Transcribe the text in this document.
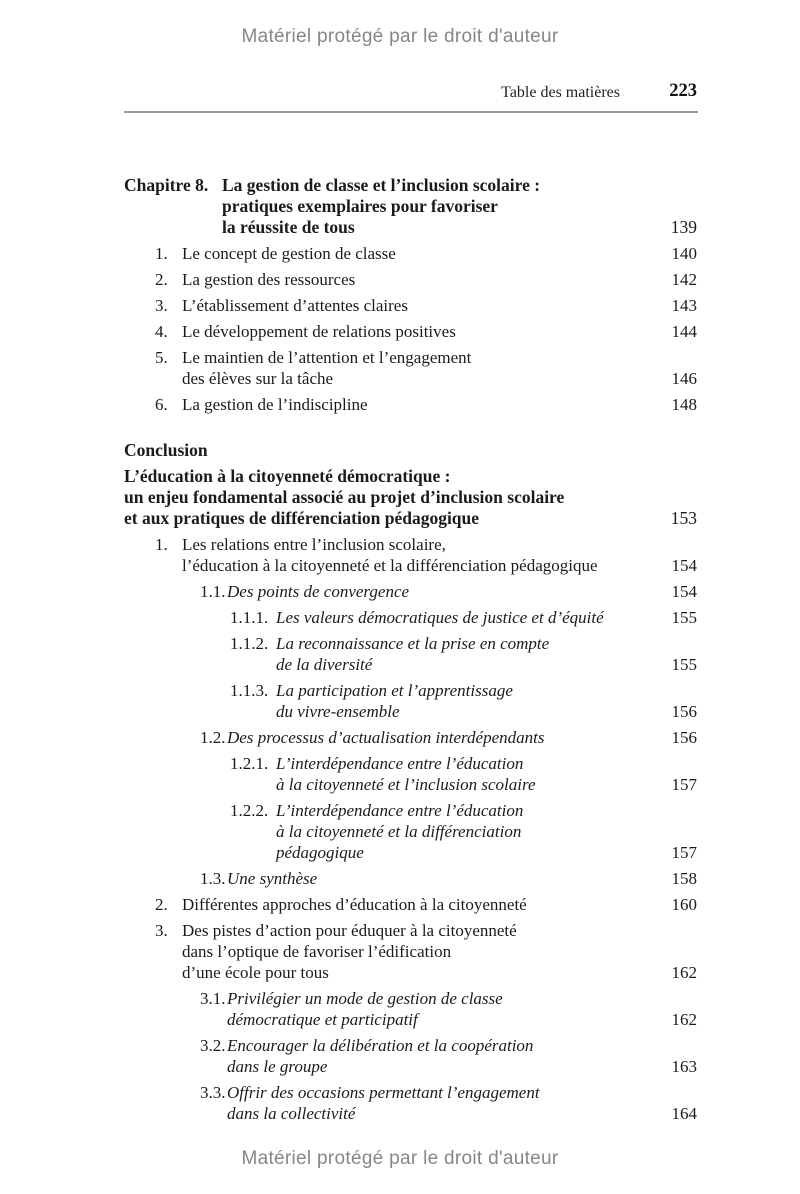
Matériel protégé par le droit d'auteur
Table des matières	223
Chapitre 8. La gestion de classe et l’inclusion scolaire :
pratiques exemplaires pour favoriser
la réussite de tous	139
1. Le concept de gestion de classe	140
2. La gestion des ressources	142
3. L’établissement d’attentes claires	143
4. Le développement de relations positives	144
5. Le maintien de l’attention et l’engagement
des élèves sur la tâche	146
6. La gestion de l’indiscipline	148
Conclusion
L’éducation à la citoyenneté démocratique :
un enjeu fondamental associé au projet d’inclusion scolaire
et aux pratiques de différenciation pédagogique	153
1. Les relations entre l’inclusion scolaire,
l’éducation à la citoyenneté et la différenciation pédagogique	154
1.1. Des points de convergence	154
1.1.1. Les valeurs démocratiques de justice et d’équité	155
1.1.2. La reconnaissance et la prise en compte
de la diversité	155
1.1.3. La participation et l’apprentissage
du vivre-ensemble	156
1.2. Des processus d’actualisation interdépendants	156
1.2.1. L’interdépendance entre l’éducation
à la citoyenneté et l’inclusion scolaire	157
1.2.2. L’interdépendance entre l’éducation
à la citoyenneté et la différenciation
pédagogique	157
1.3. Une synthèse	158
2. Différentes approches d’éducation à la citoyenneté	160
3. Des pistes d’action pour éduquer à la citoyenneté
dans l’optique de favoriser l’édification
d’une école pour tous	162
3.1. Privilégier un mode de gestion de classe
démocratique et participatif	162
3.2. Encourager la délibération et la coopération
dans le groupe	163
3.3. Offrir des occasions permettant l’engagement
dans la collectivité	164
Matériel protégé par le droit d'auteur
